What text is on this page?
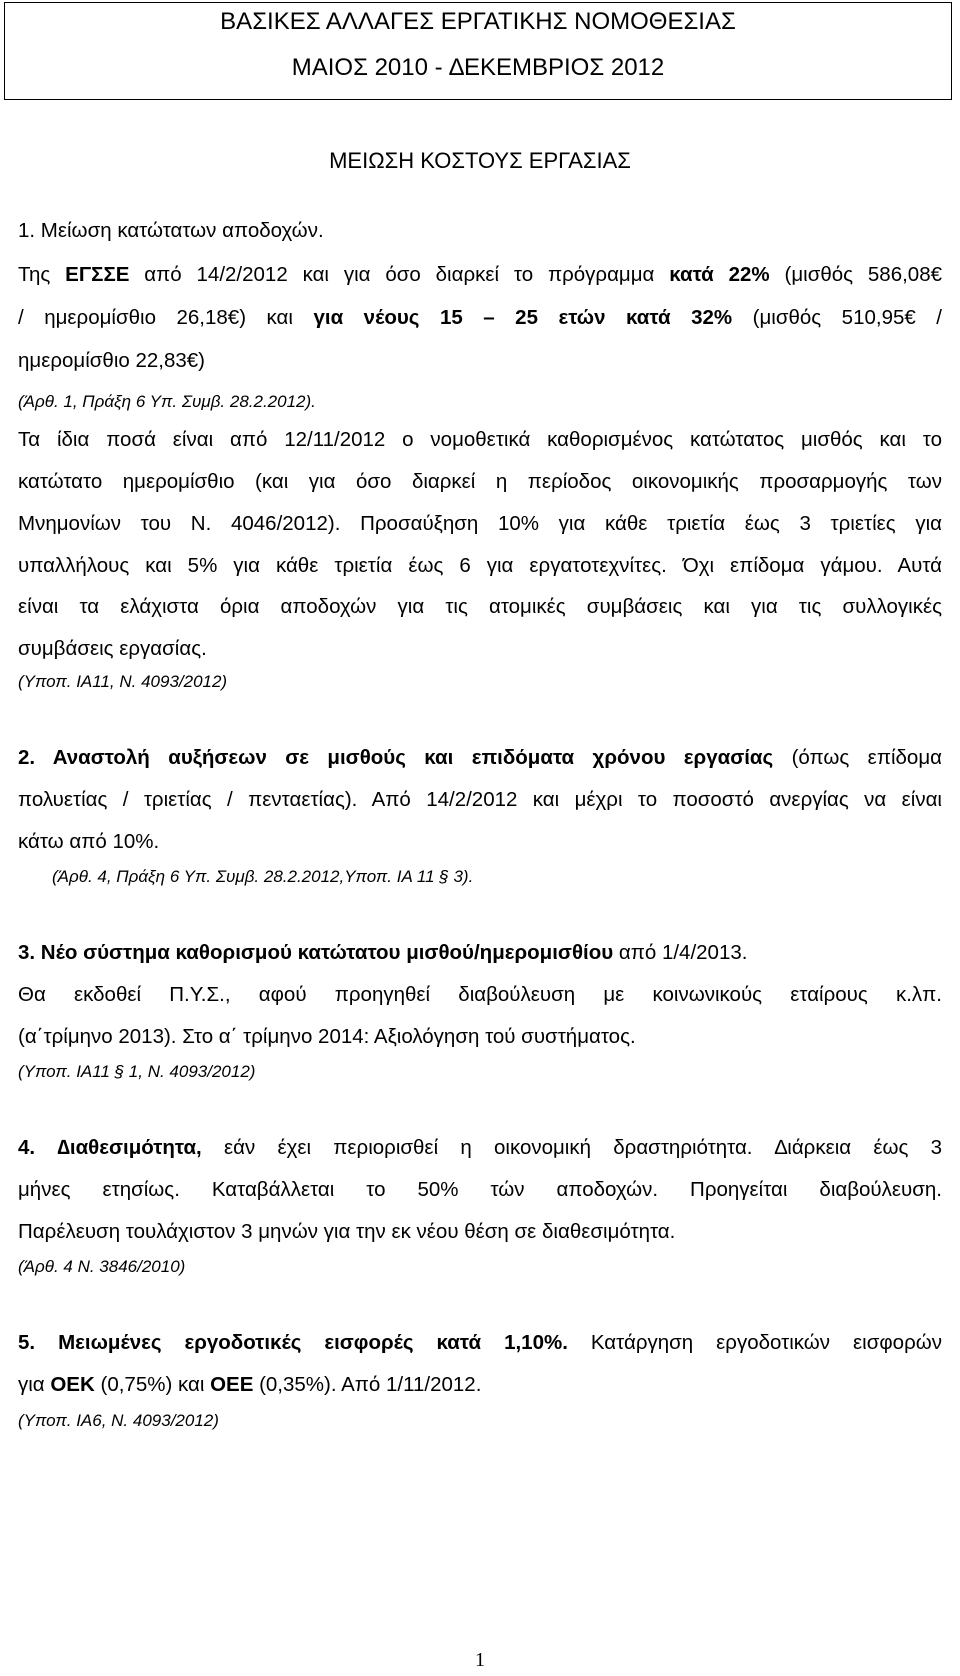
ΒΑΣΙΚΕΣ ΑΛΛΑΓΕΣ ΕΡΓΑΤΙΚΗΣ ΝΟΜΟΘΕΣΙΑΣ
ΜΑΙΟΣ 2010 - ∆ΕΚΕΜΒΡΙΟΣ 2012
ΜΕΙΩΣΗ ΚΟΣΤΟΥΣ ΕΡΓΑΣΙΑΣ
1. Μείωση κατώτατων αποδοχών.
Της ΕΓΣΣΕ από 14/2/2012 και για όσο διαρκεί το πρόγραμμα κατά 22% (μισθός 586,08€
/ ημερομίσθιο 26,18€) και για νέους 15 – 25 ετών κατά 32% (μισθός 510,95€ /
ημερομίσθιο 22,83€)
(Άρθ. 1, Πράξη 6 Υπ. Συμβ. 28.2.2012).
Τα ίδια ποσά είναι από 12/11/2012 ο νομοθετικά καθορισμένος κατώτατος μισθός και το
κατώτατο ημερομίσθιο (και για όσο διαρκεί η περίοδος οικονομικής προσαρμογής των
Μνημονίων του Ν. 4046/2012). Προσαύξηση 10% για κάθε τριετία έως 3 τριετίες για
υπαλλήλους και 5% για κάθε τριετία έως 6 για εργατοτεχνίτες. Όχι επίδομα γάμου. Αυτά
είναι τα ελάχιστα όρια αποδοχών για τις ατομικές συμβάσεις και για τις συλλογικές
συμβάσεις εργασίας.
(Υποπ. ΙΑ11, Ν. 4093/2012)
2. Αναστολή αυξήσεων σε μισθούς και επιδόματα χρόνου εργασίας (όπως επίδομα
πολυετίας / τριετίας / πενταετίας). Από 14/2/2012 και μέχρι το ποσοστό ανεργίας να είναι
κάτω από 10%.
(Άρθ. 4, Πράξη 6 Υπ. Συμβ. 28.2.2012,Υποπ. ΙΑ 11 § 3).
3. Νέο σύστημα καθορισμού κατώτατου μισθού/ημερομισθίου από 1/4/2013.
Θα εκδοθεί Π.Υ.Σ., αφού προηγηθεί διαβούλευση με κοινωνικούς εταίρους κ.λπ.
(α΄τρίμηνο 2013). Στο α΄ τρίμηνο 2014: Αξιολόγηση τού συστήματος.
(Υποπ. ΙΑ11 § 1, Ν. 4093/2012)
4. ∆ιαθεσιμότητα, εάν έχει περιορισθεί η οικονομική δραστηριότητα. ∆ιάρκεια έως 3
μήνες ετησίως. Καταβάλλεται το 50% τών αποδοχών. Προηγείται διαβούλευση.
Παρέλευση τουλάχιστον 3 μηνών για την εκ νέου θέση σε διαθεσιμότητα.
(Άρθ. 4 Ν. 3846/2010)
5. Μειωμένες εργοδοτικές εισφορές κατά 1,10%. Κατάργηση εργοδοτικών εισφορών
για ΟΕΚ (0,75%) και ΟΕΕ (0,35%). Από 1/11/2012.
(Υποπ. ΙΑ6, Ν. 4093/2012)
1
